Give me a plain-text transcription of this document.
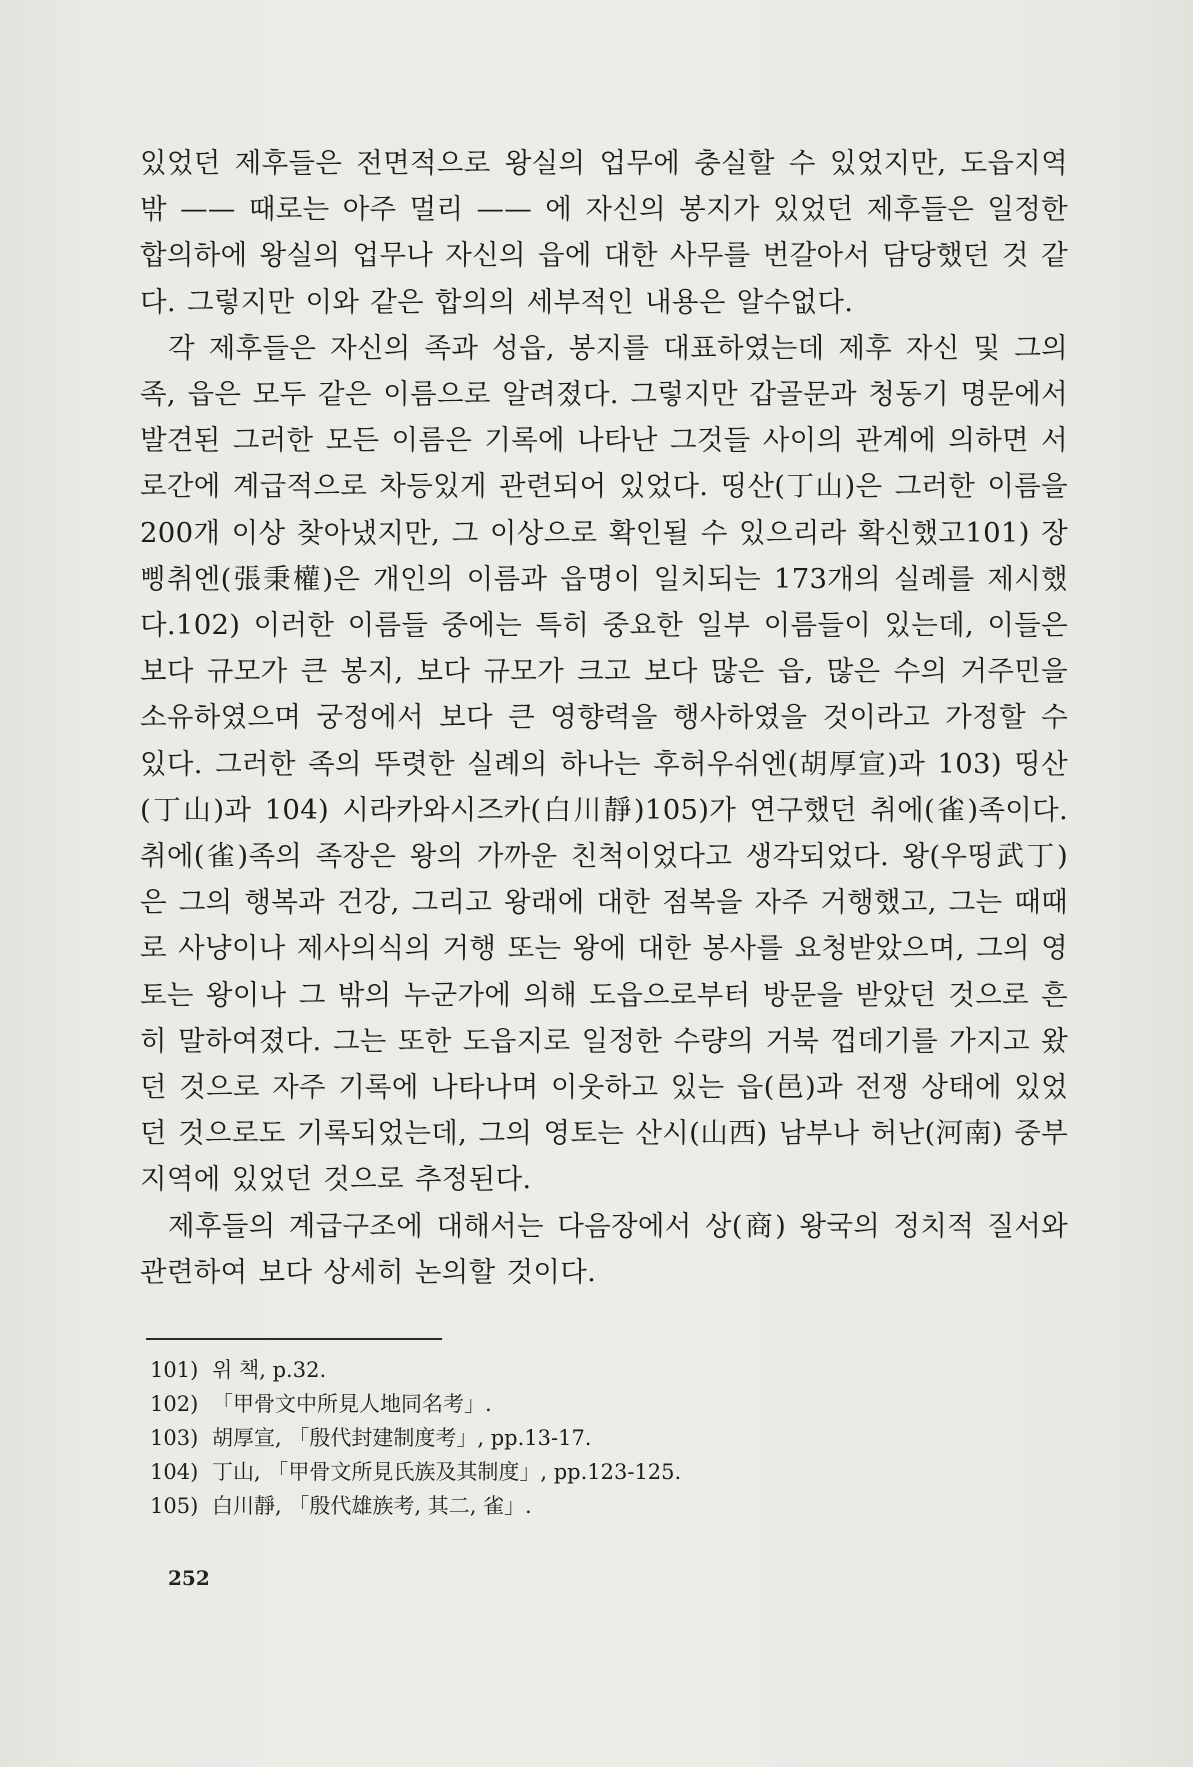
있었던 제후들은 전면적으로 왕실의 업무에 충실할 수 있었지만, 도읍지역 밖 —— 때로는 아주 멀리 —— 에 자신의 봉지가 있었던 제후들은 일정한 합의하에 왕실의 업무나 자신의 읍에 대한 사무를 번갈아서 담당했던 것 같다. 그렇지만 이와 같은 합의의 세부적인 내용은 알수없다.

각 제후들은 자신의 족과 성읍, 봉지를 대표하였는데 제후 자신 및 그의 족, 읍은 모두 같은 이름으로 알려졌다. 그렇지만 갑골문과 청동기 명문에서 발견된 그러한 모든 이름은 기록에 나타난 그것들 사이의 관계에 의하면 서로간에 계급적으로 차등있게 관련되어 있었다. 띵산(丁山)은 그러한 이름을 200개 이상 찾아냈지만, 그 이상으로 확인될 수 있으리라 확신했고101) 장삥취엔(張秉權)은 개인의 이름과 읍명이 일치되는 173개의 실례를 제시했다.102) 이러한 이름들 중에는 특히 중요한 일부 이름들이 있는데, 이들은 보다 규모가 큰 봉지, 보다 규모가 크고 보다 많은 읍, 많은 수의 거주민을 소유하였으며 궁정에서 보다 큰 영향력을 행사하였을 것이라고 가정할 수 있다. 그러한 족의 뚜렷한 실례의 하나는 후허우쉬엔(胡厚宣)과 103) 띵산(丁山)과 104) 시라카와시즈카(白川靜)105)가 연구했던 취에(雀)족이다. 취에(雀)족의 족장은 왕의 가까운 친척이었다고 생각되었다. 왕(우띵武丁)은 그의 행복과 건강, 그리고 왕래에 대한 점복을 자주 거행했고, 그는 때때로 사냥이나 제사의식의 거행 또는 왕에 대한 봉사를 요청받았으며, 그의 영토는 왕이나 그 밖의 누군가에 의해 도읍으로부터 방문을 받았던 것으로 흔히 말하여졌다. 그는 또한 도읍지로 일정한 수량의 거북 껍데기를 가지고 왔던 것으로 자주 기록에 나타나며 이웃하고 있는 읍(邑)과 전쟁 상태에 있었던 것으로도 기록되었는데, 그의 영토는 산시(山西) 남부나 허난(河南) 중부지역에 있었던 것으로 추정된다.

제후들의 계급구조에 대해서는 다음장에서 상(商) 왕국의 정치적 질서와 관련하여 보다 상세히 논의할 것이다.

101) 위 책, p.32.
102) 「甲骨文中所見人地同名考」.
103) 胡厚宣, 「殷代封建制度考」, pp.13-17.
104) 丁山, 「甲骨文所見氏族及其制度」, pp.123-125.
105) 白川靜, 「殷代雄族考, 其二, 雀」.
252
